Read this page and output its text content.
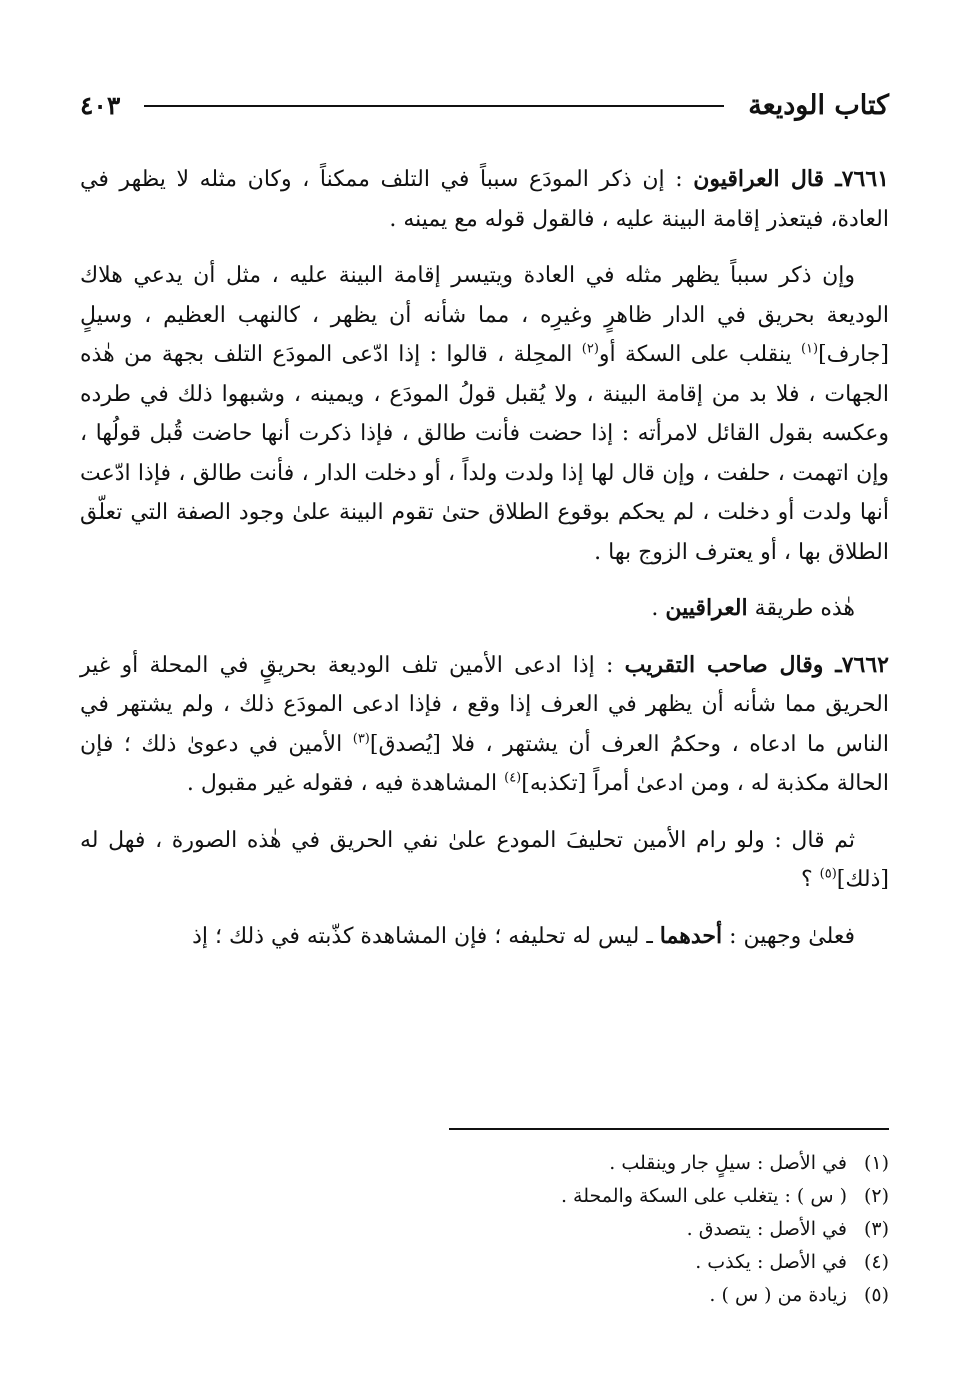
كتاب الوديعة
٤٠٣

٧٦٦١ـ قال العراقيون : إن ذكر المودَع سبباً في التلف ممكناً ، وكان مثله لا يظهر في العادة، فيتعذر إقامة البينة عليه ، فالقول قوله مع يمينه .

وإن ذكر سبباً يظهر مثله في العادة ويتيسر إقامة البينة عليه ، مثل أن يدعي هلاك الوديعة بحريق في الدار ظاهرٍ وغيرِه ، مما شأنه أن يظهر ، كالنهب العظيم ، وسيلٍ [جارف]$^{(١)}$ ينقلب على السكة أو$^{(٢)}$ المحِلة ، قالوا : إذا ادّعى المودَع التلف بجهة من هٰذه الجهات ، فلا بد من إقامة البينة ، ولا يُقبل قولُ المودَع ، ويمينه ، وشبهوا ذلك في طرده وعكسه بقول القائل لامرأته : إذا حضت فأنت طالق ، فإذا ذكرت أنها حاضت قُبل قولُها ، وإن اتهمت ، حلفت ، وإن قال لها إذا ولدت ولداً ، أو دخلت الدار ، فأنت طالق ، فإذا ادّعت أنها ولدت أو دخلت ، لم يحكم بوقوع الطلاق حتىٰ تقوم البينة علىٰ وجود الصفة التي تعلّق الطلاق بها ، أو يعترف الزوج بها .

هٰذه طريقة العراقيين .

٧٦٦٢ـ وقال صاحب التقريب : إذا ادعى الأمين تلف الوديعة بحريقٍ في المحلة أو غير الحريق مما شأنه أن يظهر في العرف إذا وقع ، فإذا ادعى المودَع ذلك ، ولم يشتهر في الناس ما ادعاه ، وحكمُ العرف أن يشتهر ، فلا [يُصدق]$^{(٣)}$ الأمين في دعوىٰ ذلك ؛ فإن الحالة مكذبة له ، ومن ادعىٰ أمراً [تكذبه]$^{(٤)}$ المشاهدة فيه ، فقوله غير مقبول .

ثم قال : ولو رام الأمين تحليفَ المودع علىٰ نفي الحريق في هٰذه الصورة ، فهل له [ذلك]$^{(٥)}$ ؟

فعلىٰ وجهين : أحدهما ـ ليس له تحليفه ؛ فإن المشاهدة كذّبته في ذلك ؛ إذ

(١)
في الأصل : سيلٍ جار وينقلب .
(٢)
( س ) : يتغلب على السكة والمحلة .
(٣)
في الأصل : يتصدق .
(٤)
في الأصل : يكذب .
(٥)
زيادة من ( س ) .
